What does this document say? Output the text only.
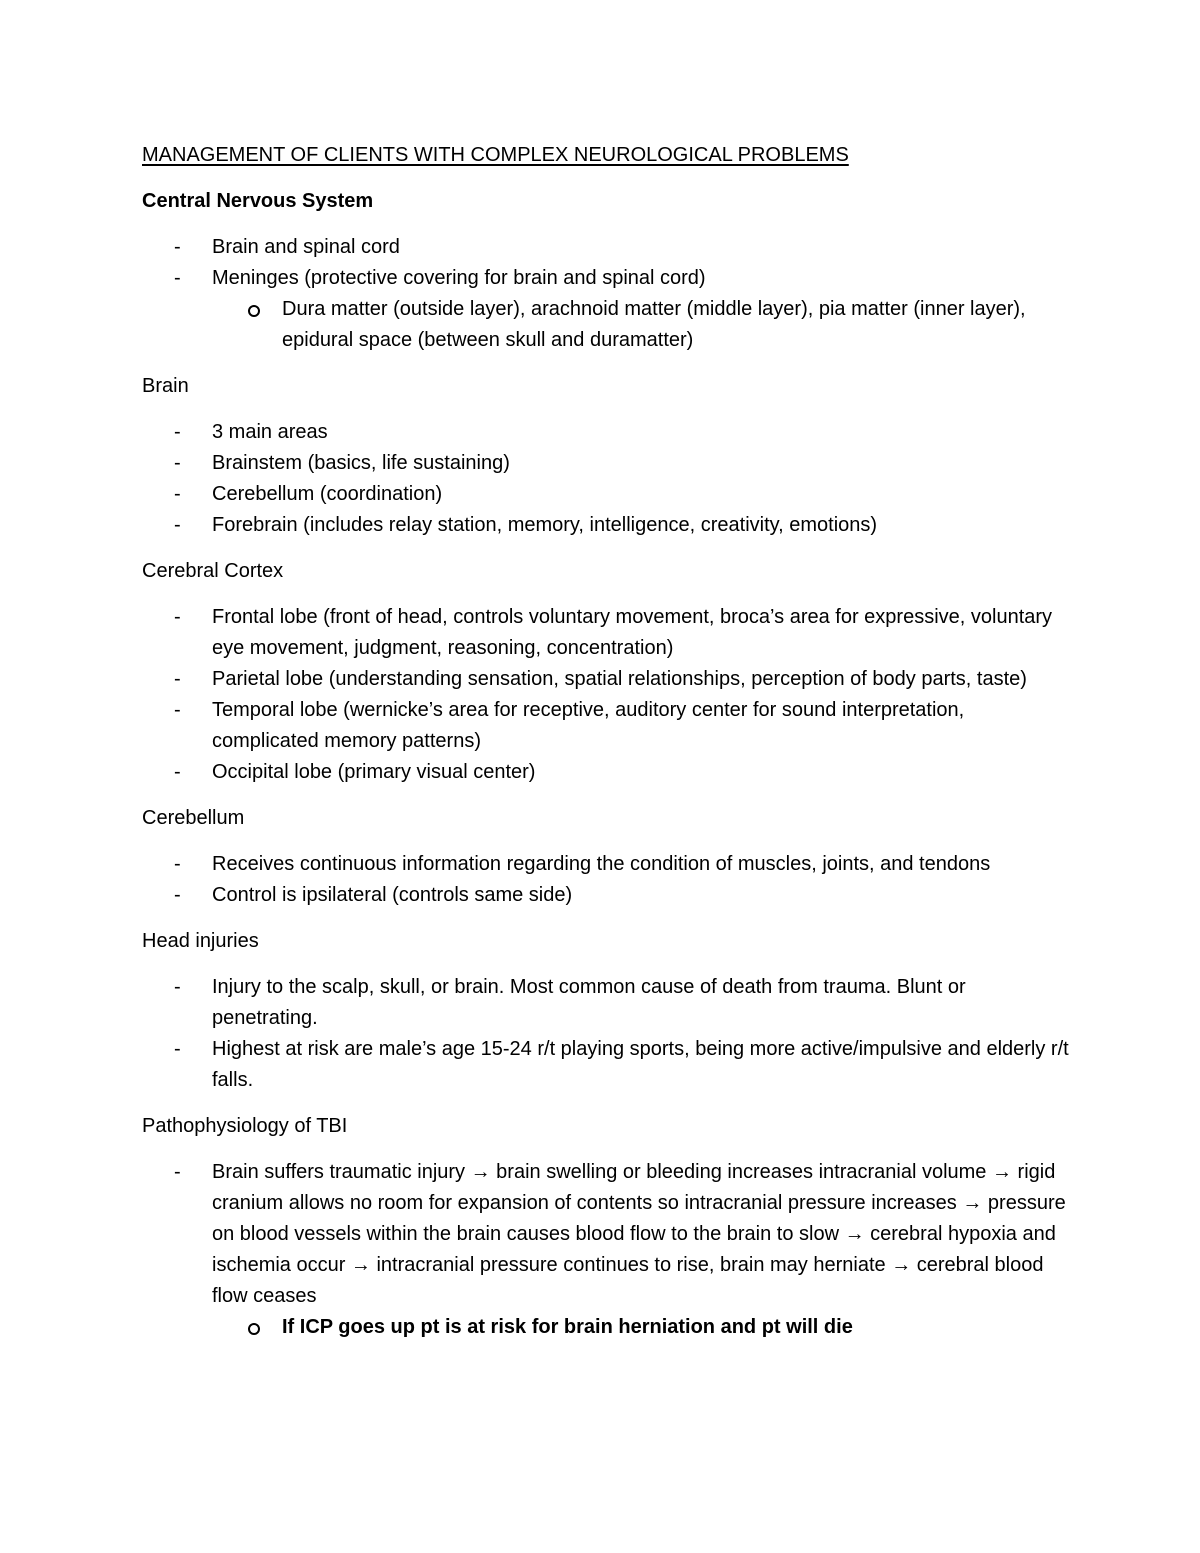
MANAGEMENT OF CLIENTS WITH COMPLEX NEUROLOGICAL PROBLEMS
Central Nervous System
-	Brain and spinal cord
-	Meninges (protective covering for brain and spinal cord)
Dura matter (outside layer), arachnoid matter (middle layer), pia matter (inner layer), epidural space (between skull and duramatter)
Brain
-	3 main areas
-	Brainstem (basics, life sustaining)
-	Cerebellum (coordination)
-	Forebrain (includes relay station, memory, intelligence, creativity, emotions)
Cerebral Cortex
-	Frontal lobe (front of head, controls voluntary movement, broca’s area for expressive, voluntary eye movement, judgment, reasoning, concentration)
-	Parietal lobe (understanding sensation, spatial relationships, perception of body parts, taste)
-	Temporal lobe (wernicke’s area for receptive, auditory center for sound interpretation, complicated memory patterns)
-	Occipital lobe (primary visual center)
Cerebellum
-	Receives continuous information regarding the condition of muscles, joints, and tendons
-	Control is ipsilateral (controls same side)
Head injuries
-	Injury to the scalp, skull, or brain. Most common cause of death from trauma. Blunt or penetrating.
-	Highest at risk are male’s age 15-24 r/t playing sports, being more active/impulsive and elderly r/t falls.
Pathophysiology of TBI
-	Brain suffers traumatic injury → brain swelling or bleeding increases intracranial volume → rigid cranium allows no room for expansion of contents so intracranial pressure increases → pressure on blood vessels within the brain causes blood flow to the brain to slow → cerebral hypoxia and ischemia occur → intracranial pressure continues to rise, brain may herniate → cerebral blood flow ceases
If ICP goes up pt is at risk for brain herniation and pt will die
